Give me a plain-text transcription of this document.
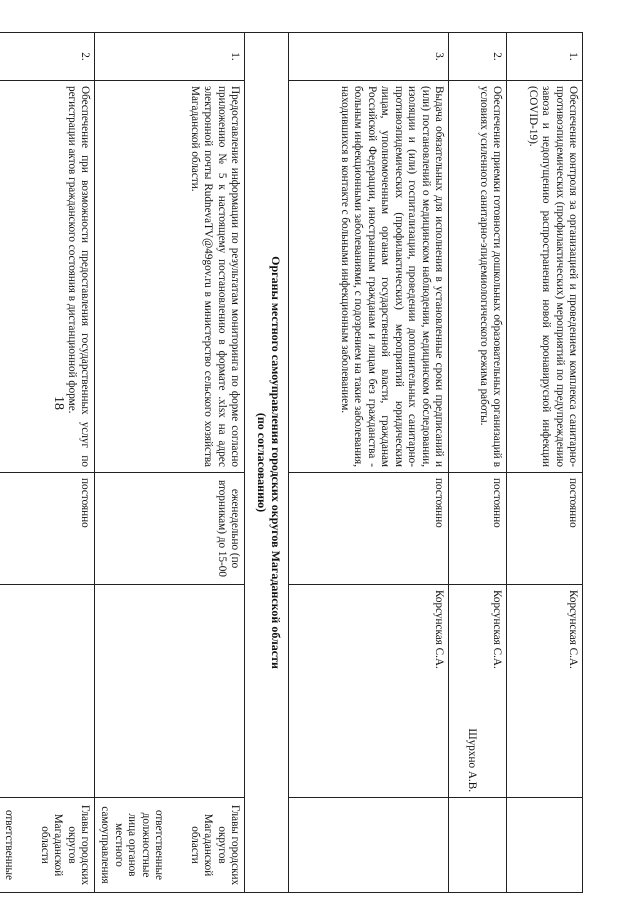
18
1.	Обеспечение контроля за организацией и проведением комплекса санитарно-противоэпидемических (профилактических) мероприятий по предупреждению завоза и недопущению распространения новой коронавирусной инфекции (COVID-19).	постоянно	Корсунская С.А.	

2.	Обеспечение приемки готовности дошкольных образовательных организаций в условиях усиленного санитарно-эпидемиологического режима работы.	постоянно	Корсунская С.А.
Шурхно А.В.	

3.	Выдача обязательных для исполнения в установленные сроки предписаний и (или) постановлений о медицинском наблюдении, медицинском обследовании, изоляции и (или) госпитализации, проведении дополнительных санитарно-противоэпидемических (профилактических) мероприятий юридическим лицам, уполномоченным органам государственной власти, гражданам Российской Федерации, иностранным гражданам и лицам без гражданства - больным инфекционными заболеваниями, с подозрением на такие заболевания, находившихся в контакте с больными инфекционным заболеванием.	постоянно	Корсунская С.А.	

Органы местного самоуправления городских округов Магаданской области
(по согласованию)				

1.	Предоставление информации по результатам мониторинга по форме согласно приложению № 5 к настоящему постановлению в формате .xlsx на адрес электронной почты RudnevaTV@49gov.ru в министерство сельского хозяйства Магаданской области.	еженедельно (по вторникам) до 15-00		Главы городских округов Магаданской области
ответственные должностные лица органов местного самоуправления

2.	Обеспечение при возможности предоставления государственных услуг по регистрации актов гражданского состояния в дистанционной форме.	постоянно		Главы городских округов Магаданской области
ответственные
